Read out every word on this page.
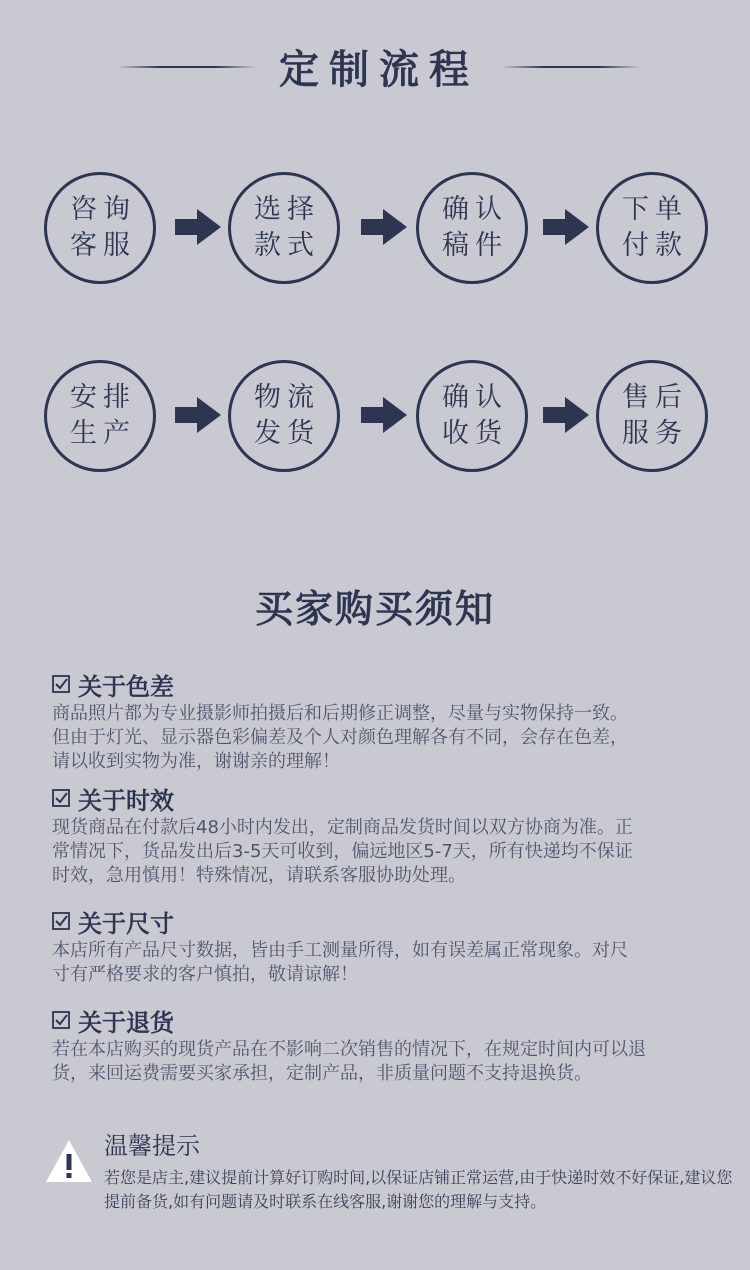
定制流程
咨询
客服
选择
款式
确认
稿件
下单
付款
安排
生产
物流
发货
确认
收货
售后
服务
买家购买须知
关于色差
商品照片都为专业摄影师拍摄后和后期修正调整，尽量与实物保持一致。
但由于灯光、显示器色彩偏差及个人对颜色理解各有不同，会存在色差，
请以收到实物为准，谢谢亲的理解！
关于时效
现货商品在付款后48小时内发出，定制商品发货时间以双方协商为准。正
常情况下，货品发出后3-5天可收到，偏远地区5-7天，所有快递均不保证
时效，急用慎用！特殊情况，请联系客服协助处理。
关于尺寸
本店所有产品尺寸数据，皆由手工测量所得，如有误差属正常现象。对尺
寸有严格要求的客户慎拍，敬请谅解！
关于退货
若在本店购买的现货产品在不影响二次销售的情况下，在规定时间内可以退
货，来回运费需要买家承担，定制产品，非质量问题不支持退换货。
温馨提示
若您是店主,建议提前计算好订购时间,以保证店铺正常运营,由于快递时效不好保证,建议您提前备货,如有问题请及时联系在线客服,谢谢您的理解与支持。
